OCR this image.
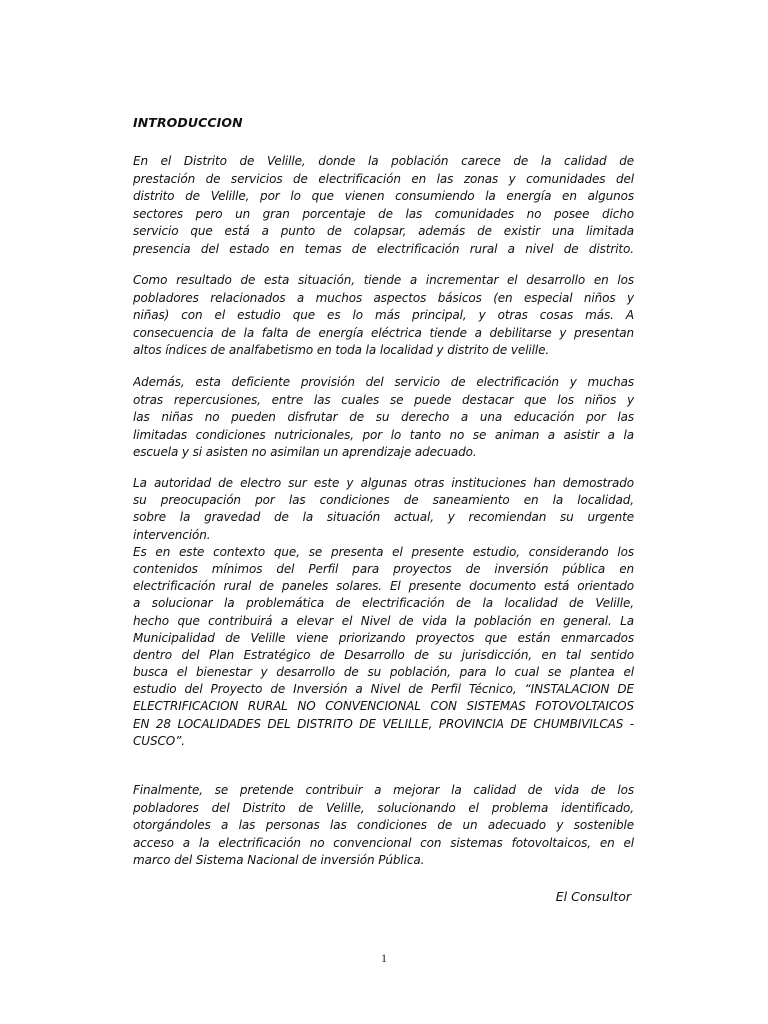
INTRODUCCION
En el Distrito de Velille, donde la población carece de la calidad de
prestación de servicios de electrificación en las zonas y comunidades del
distrito de Velille, por lo que vienen consumiendo la energía en algunos
sectores pero un gran porcentaje de las comunidades no posee dicho
servicio que está a punto de colapsar, además de existir una limitada
presencia del estado en temas de electrificación rural a nivel de distrito.
Como resultado de esta situación, tiende a incrementar el desarrollo en los
pobladores relacionados a muchos aspectos básicos (en especial niños y
niñas) con el estudio que es lo más principal, y otras cosas más. A
consecuencia de la falta de energía eléctrica tiende a debilitarse y presentan
altos índices de analfabetismo en toda la localidad y distrito de velille.
Además, esta deficiente provisión del servicio de electrificación y muchas
otras repercusiones, entre las cuales se puede destacar que los niños y
las niñas no pueden disfrutar de su derecho a una educación por las
limitadas condiciones nutricionales, por lo tanto no se animan a asistir a la
escuela y si asisten no asimilan un aprendizaje adecuado.
La autoridad de electro sur este y algunas otras instituciones han demostrado
su preocupación por las condiciones de saneamiento en la localidad,
sobre la gravedad de la situación actual, y recomiendan su urgente
intervención.
Es en este contexto que, se presenta el presente estudio, considerando los
contenidos mínimos del Perfil para proyectos de inversión pública en
electrificación rural de paneles solares. El presente documento está orientado
a solucionar la problemática de electrificación de la localidad de Velille,
hecho que contribuirá a elevar el Nivel de vida la población en general. La
Municipalidad de Velille viene priorizando proyectos que están enmarcados
dentro del Plan Estratégico de Desarrollo de su jurisdicción, en tal sentido
busca el bienestar y desarrollo de su población, para lo cual se plantea el
estudio del Proyecto de Inversión a Nivel de Perfil Técnico, “INSTALACION DE
ELECTRIFICACION RURAL NO CONVENCIONAL CON SISTEMAS FOTOVOLTAICOS
EN 28 LOCALIDADES DEL DISTRITO DE VELILLE, PROVINCIA DE CHUMBIVILCAS -
CUSCO”.
Finalmente, se pretende contribuir a mejorar la calidad de vida de los
pobladores del Distrito de Velille, solucionando el problema identificado,
otorgándoles a las personas las condiciones de un adecuado y sostenible
acceso a la electrificación no convencional con sistemas fotovoltaicos, en el
marco del Sistema Nacional de inversión Pública.
El Consultor
1
